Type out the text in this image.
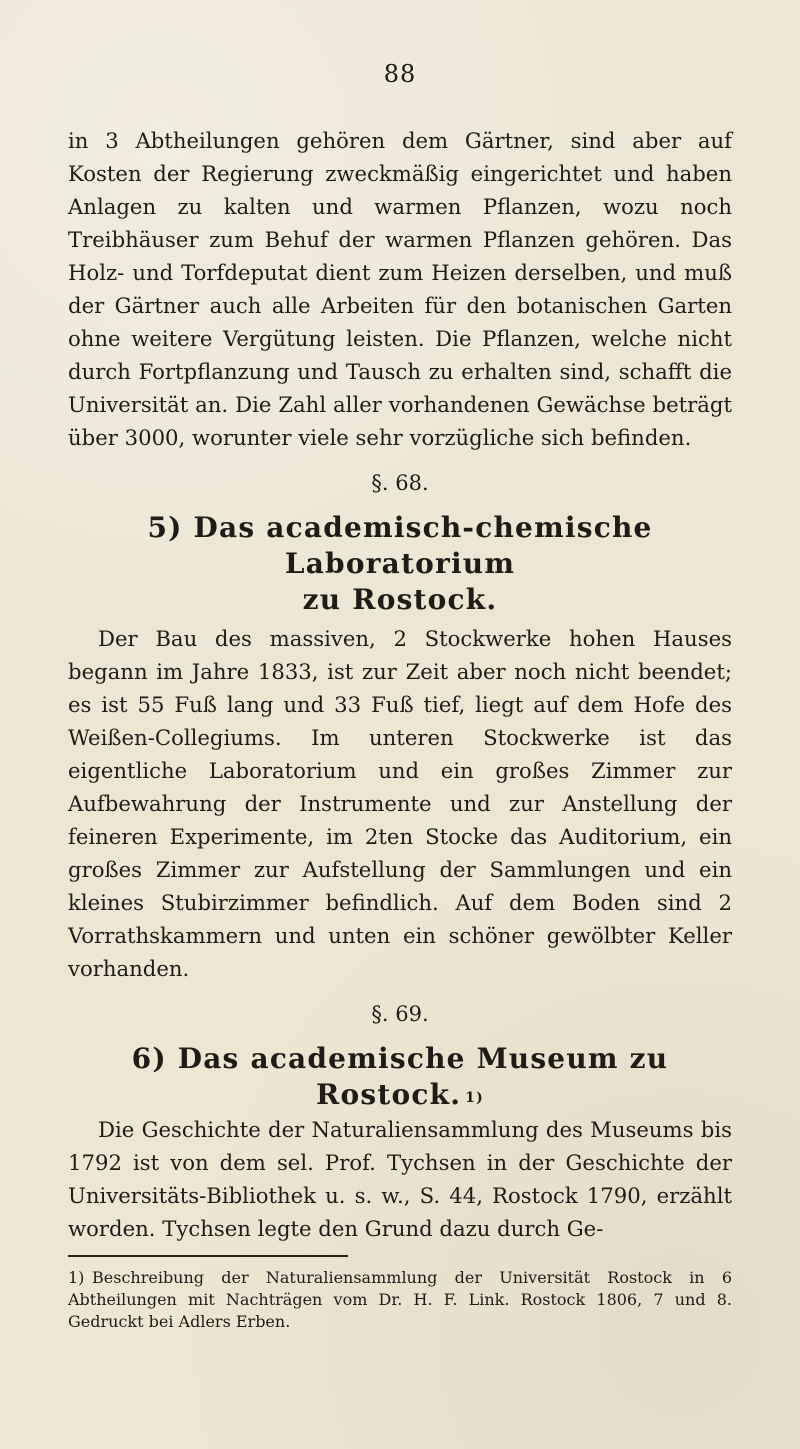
88

in 3 Abtheilungen gehören dem Gärtner, sind aber auf Kosten der Regierung zweckmäßig eingerichtet und haben Anlagen zu kalten und warmen Pflanzen, wozu noch Treibhäuser zum Behuf der warmen Pflanzen gehören. Das Holz- und Torfdeputat dient zum Heizen derselben, und muß der Gärtner auch alle Arbeiten für den botanischen Garten ohne weitere Vergütung leisten. Die Pflanzen, welche nicht durch Fortpflanzung und Tausch zu erhalten sind, schafft die Universität an. Die Zahl aller vorhandenen Gewächse beträgt über 3000, worunter viele sehr vorzügliche sich befinden.

§. 68.
5) Das academisch-chemische Laboratorium
zu Rostock.

Der Bau des massiven, 2 Stockwerke hohen Hauses begann im Jahre 1833, ist zur Zeit aber noch nicht beendet; es ist 55 Fuß lang und 33 Fuß tief, liegt auf dem Hofe des Weißen-Collegiums. Im unteren Stockwerke ist das eigentliche Laboratorium und ein großes Zimmer zur Aufbewahrung der Instrumente und zur Anstellung der feineren Experimente, im 2ten Stocke das Auditorium, ein großes Zimmer zur Aufstellung der Sammlungen und ein kleines Stubirzimmer befindlich. Auf dem Boden sind 2 Vorrathskammern und unten ein schöner gewölbter Keller vorhanden.

§. 69.
6) Das academische Museum zu Rostock. $^{1)}$

Die Geschichte der Naturaliensammlung des Museums bis 1792 ist von dem sel. Prof. Tychsen in der Geschichte der Universitäts-Bibliothek u. s. w., S. 44, Rostock 1790, erzählt worden. Tychsen legte den Grund dazu durch Ge-

1) Beschreibung der Naturaliensammlung der Universität Rostock in 6 Abtheilungen mit Nachträgen vom Dr. H. F. Link. Rostock 1806, 7 und 8. Gedruckt bei Adlers Erben.
